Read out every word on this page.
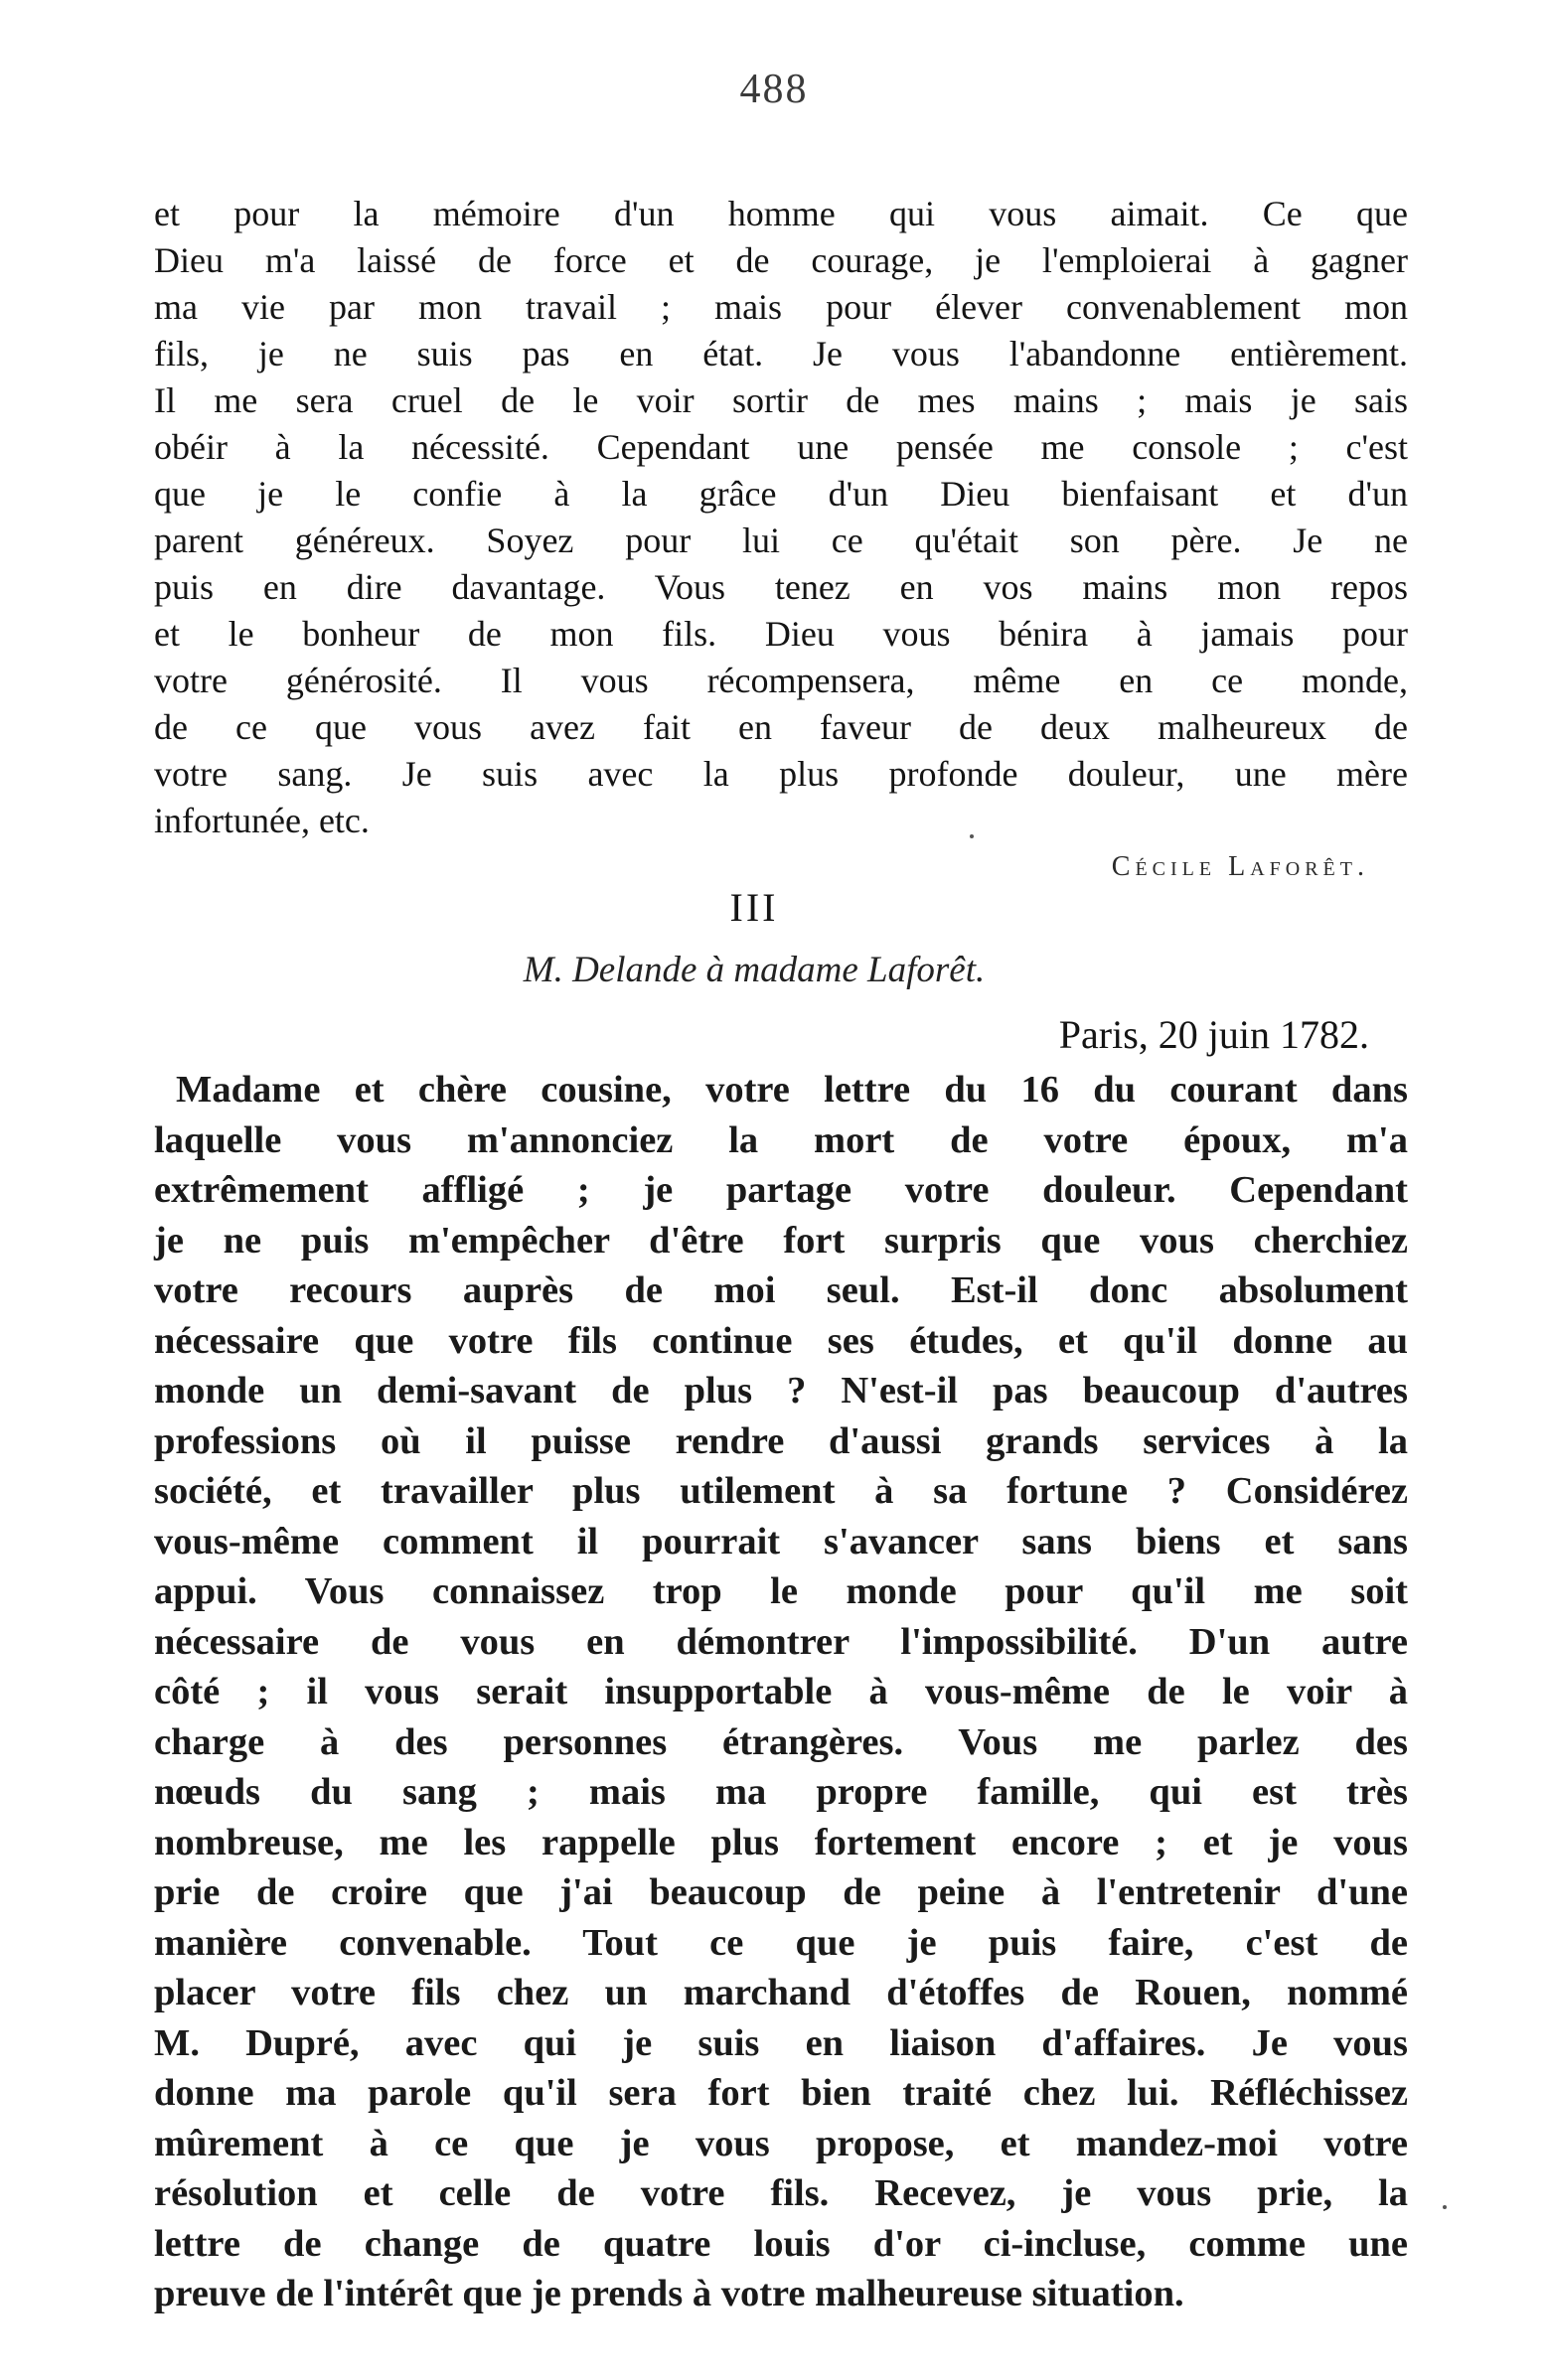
488
et pour la mémoire d'un homme qui vous aimait. Ce que
Dieu m'a laissé de force et de courage, je l'emploierai à gagner
ma vie par mon travail ; mais pour élever convenablement mon
fils, je ne suis pas en état. Je vous l'abandonne entièrement.
Il me sera cruel de le voir sortir de mes mains ; mais je sais
obéir à la nécessité. Cependant une pensée me console ; c'est
que je le confie à la grâce d'un Dieu bienfaisant et d'un
parent généreux. Soyez pour lui ce qu'était son père. Je ne
puis en dire davantage. Vous tenez en vos mains mon repos
et le bonheur de mon fils. Dieu vous bénira à jamais pour
votre générosité. Il vous récompensera, même en ce monde,
de ce que vous avez fait en faveur de deux malheureux de
votre sang. Je suis avec la plus profonde douleur, une mère
infortunée, etc.
Cécile Laforêt.
III
M. Delande à madame Laforêt.
Paris, 20 juin 1782.
Madame et chère cousine, votre lettre du 16 du courant dans
laquelle vous m'annonciez la mort de votre époux, m'a
extrêmement affligé ; je partage votre douleur. Cependant
je ne puis m'empêcher d'être fort surpris que vous cherchiez
votre recours auprès de moi seul. Est-il donc absolument
nécessaire que votre fils continue ses études, et qu'il donne au
monde un demi-savant de plus ? N'est-il pas beaucoup d'autres
professions où il puisse rendre d'aussi grands services à la
société, et travailler plus utilement à sa fortune ? Considérez
vous-même comment il pourrait s'avancer sans biens et sans
appui. Vous connaissez trop le monde pour qu'il me soit
nécessaire de vous en démontrer l'impossibilité. D'un autre
côté ; il vous serait insupportable à vous-même de le voir à
charge à des personnes étrangères. Vous me parlez des
nœuds du sang ; mais ma propre famille, qui est très
nombreuse, me les rappelle plus fortement encore ; et je vous
prie de croire que j'ai beaucoup de peine à l'entretenir d'une
manière convenable. Tout ce que je puis faire, c'est de
placer votre fils chez un marchand d'étoffes de Rouen, nommé
M. Dupré, avec qui je suis en liaison d'affaires. Je vous
donne ma parole qu'il sera fort bien traité chez lui. Réfléchissez
mûrement à ce que je vous propose, et mandez-moi votre
résolution et celle de votre fils. Recevez, je vous prie, la
lettre de change de quatre louis d'or ci-incluse, comme une
preuve de l'intérêt que je prends à votre malheureuse situation.
